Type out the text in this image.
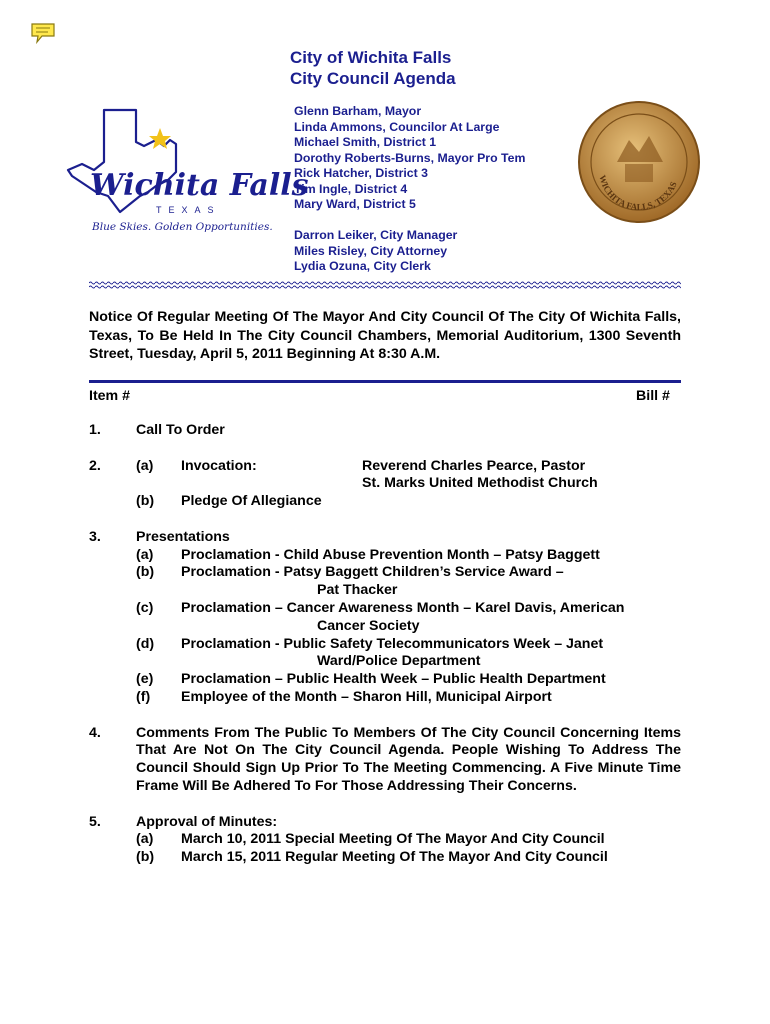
Wichita Falls
TEXAS
Blue Skies. Golden Opportunities.
WICHITA FALLS, TEXAS
City of Wichita Falls
City Council Agenda
Glenn Barham, Mayor
Linda Ammons, Councilor At Large
Michael Smith, District 1
Dorothy Roberts-Burns, Mayor Pro Tem
Rick Hatcher, District 3
Tim Ingle, District 4
Mary Ward, District 5
Darron Leiker, City Manager
Miles Risley, City Attorney
Lydia Ozuna, City Clerk
Notice Of Regular Meeting Of The Mayor And City Council Of The City Of Wichita Falls, Texas, To Be Held In The City Council Chambers, Memorial Auditorium, 1300 Seventh Street, Tuesday, April 5, 2011 Beginning At 8:30 A.M.
Item #	Bill #
1. Call To Order
2. (a) Invocation:	Reverend Charles Pearce, Pastor
St. Marks United Methodist Church
(b) Pledge Of Allegiance
3. Presentations
(a) Proclamation - Child Abuse Prevention Month – Patsy Baggett
(b) Proclamation - Patsy Baggett Children’s Service Award –
Pat Thacker
(c) Proclamation – Cancer Awareness Month – Karel Davis, American
Cancer Society
(d) Proclamation - Public Safety Telecommunicators Week – Janet
Ward/Police Department
(e) Proclamation – Public Health Week – Public Health Department
(f) Employee of the Month – Sharon Hill, Municipal Airport
4. Comments From The Public To Members Of The City Council Concerning Items That Are Not On The City Council Agenda. People Wishing To Address The Council Should Sign Up Prior To The Meeting Commencing. A Five Minute Time Frame Will Be Adhered To For Those Addressing Their Concerns.
5. Approval of Minutes:
(a) March 10, 2011 Special Meeting Of The Mayor And City Council
(b) March 15, 2011 Regular Meeting Of The Mayor And City Council
